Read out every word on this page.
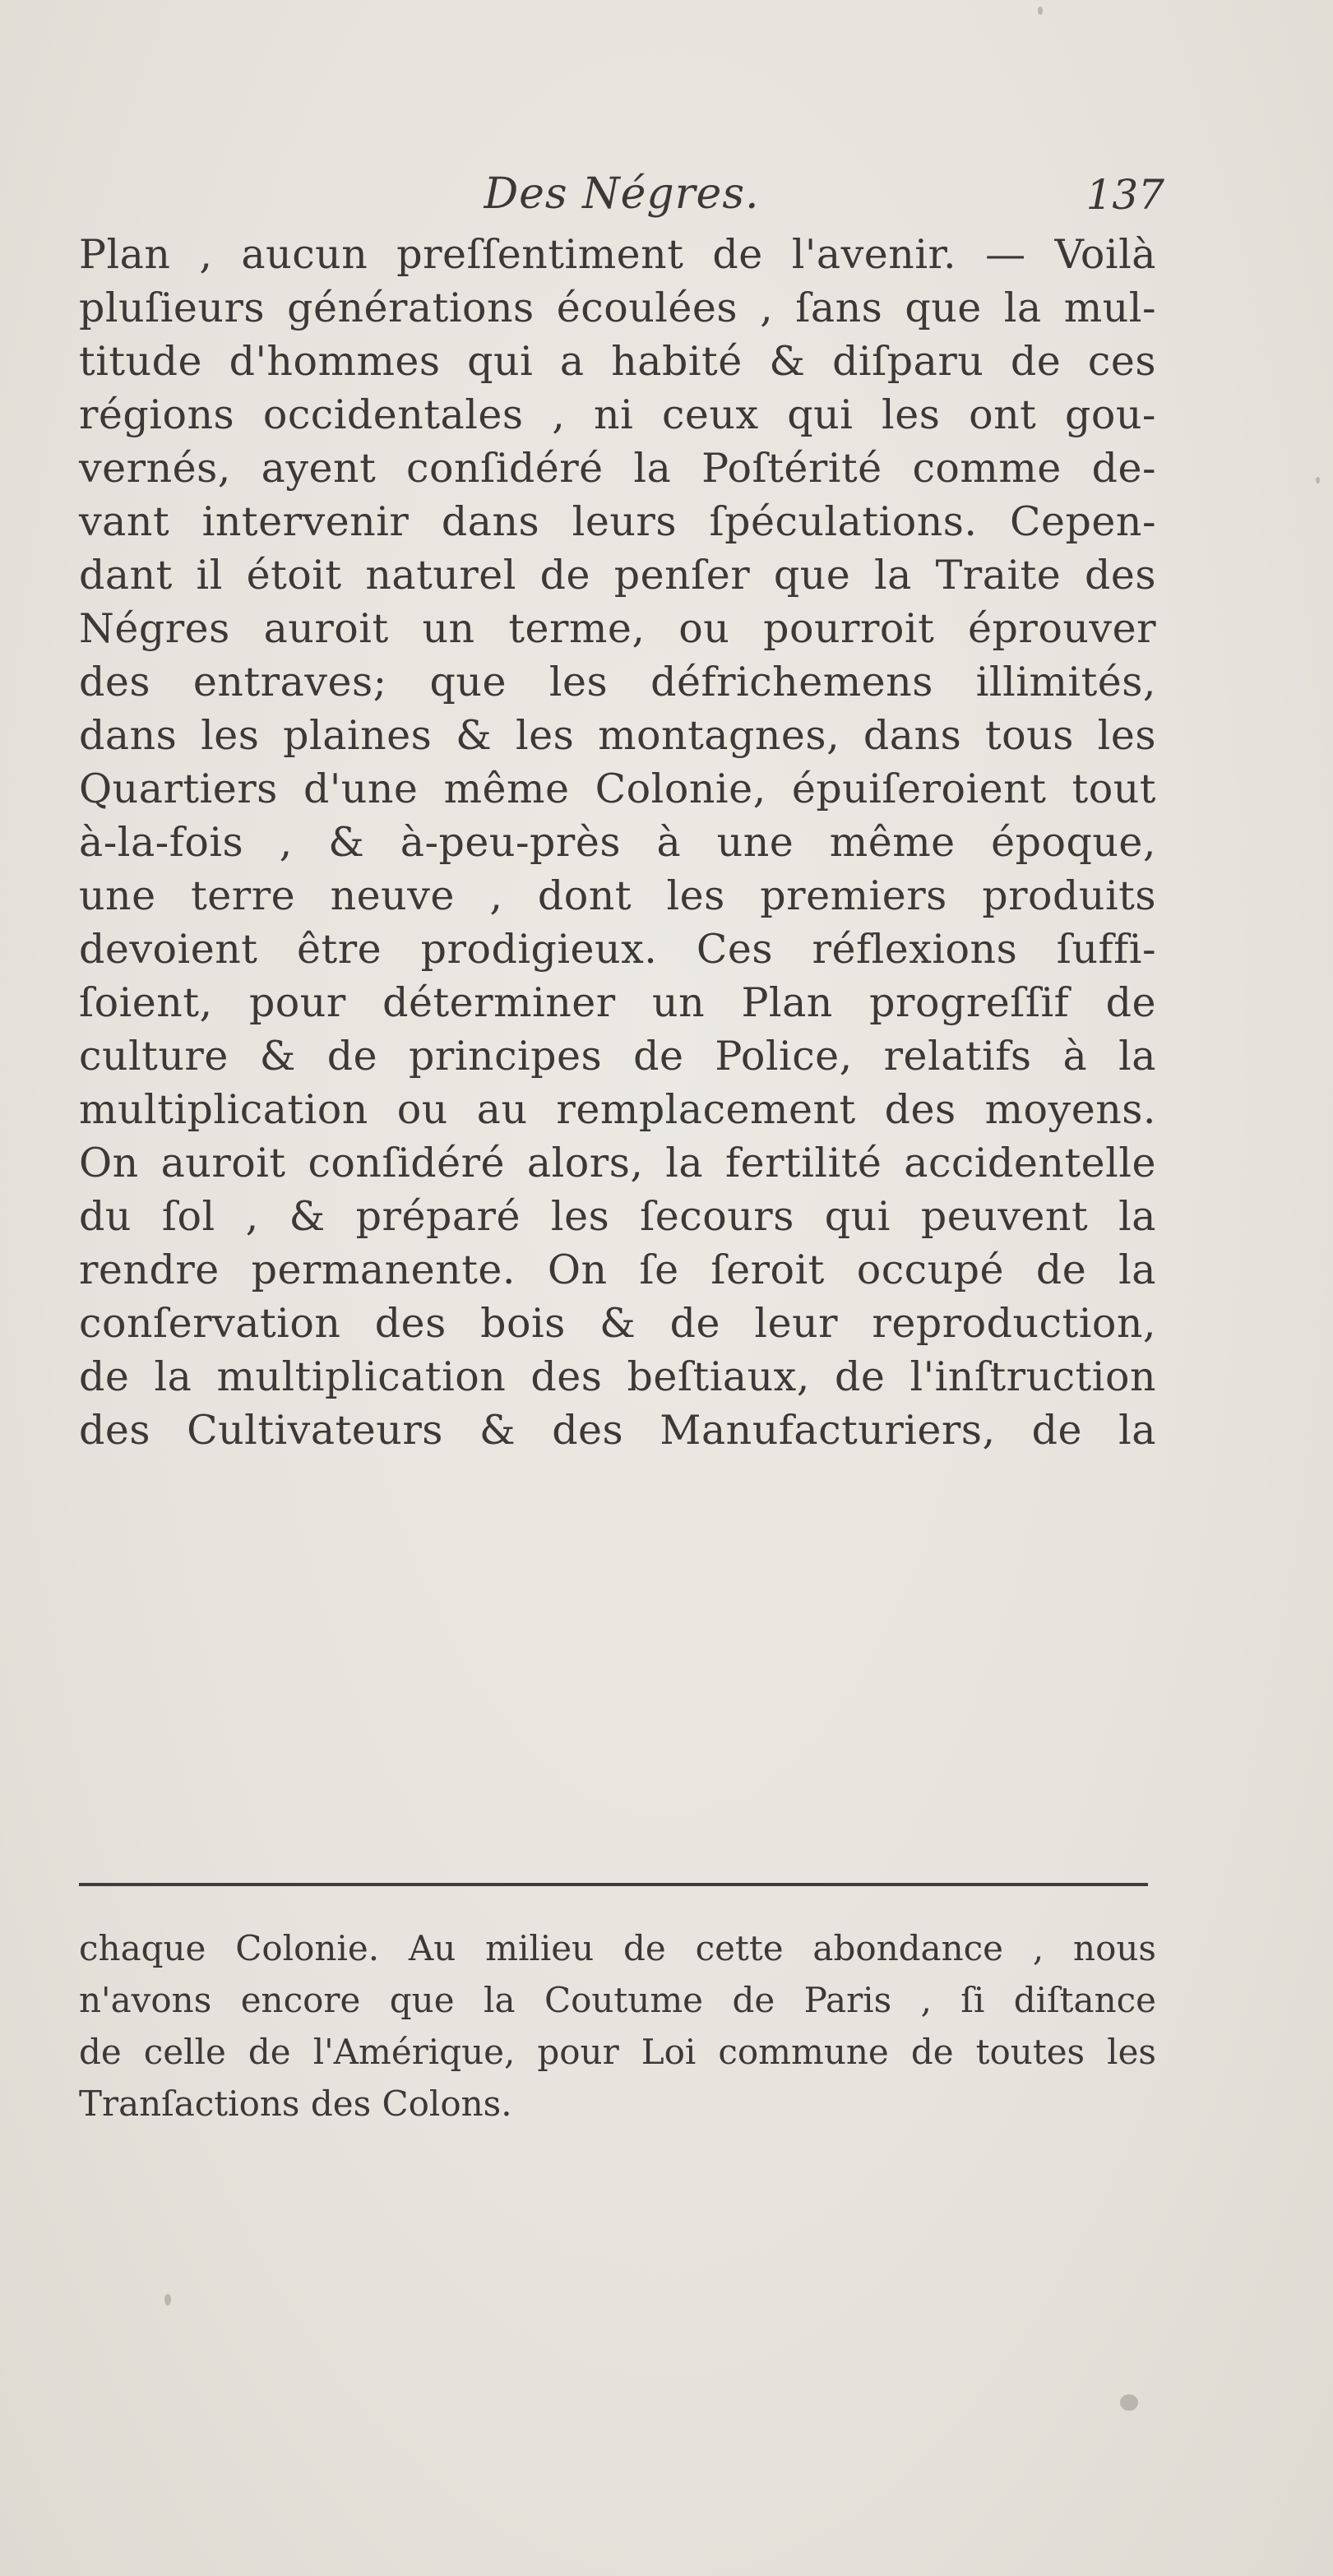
Des Négres.	137
Plan , aucun preſſentiment de l'avenir. — Voilà
pluſieurs générations écoulées , ſans que la mul-
titude d'hommes qui a habité & diſparu de ces
régions occidentales , ni ceux qui les ont gou-
vernés, ayent conſidéré la Poſtérité comme de-
vant intervenir dans leurs ſpéculations. Cepen-
dant il étoit naturel de penſer que la Traite des
Négres auroit un terme, ou pourroit éprouver
des entraves; que les défrichemens illimités,
dans les plaines & les montagnes, dans tous les
Quartiers d'une même Colonie, épuiſeroient tout
à-la-fois , & à-peu-près à une même époque,
une terre neuve , dont les premiers produits
devoient être prodigieux. Ces réflexions ſuffi-
ſoient, pour déterminer un Plan progreſſif de
culture & de principes de Police, relatifs à la
multiplication ou au remplacement des moyens.
On auroit conſidéré alors, la fertilité accidentelle
du ſol , & préparé les ſecours qui peuvent la
rendre permanente. On ſe ſeroit occupé de la
conſervation des bois & de leur reproduction,
de la multiplication des beſtiaux, de l'inſtruction
des Cultivateurs & des Manufacturiers, de la
chaque Colonie. Au milieu de cette abondance , nous
n'avons encore que la Coutume de Paris , ſi diſtance
de celle de l'Amérique, pour Loi commune de toutes les
Tranſactions des Colons.
